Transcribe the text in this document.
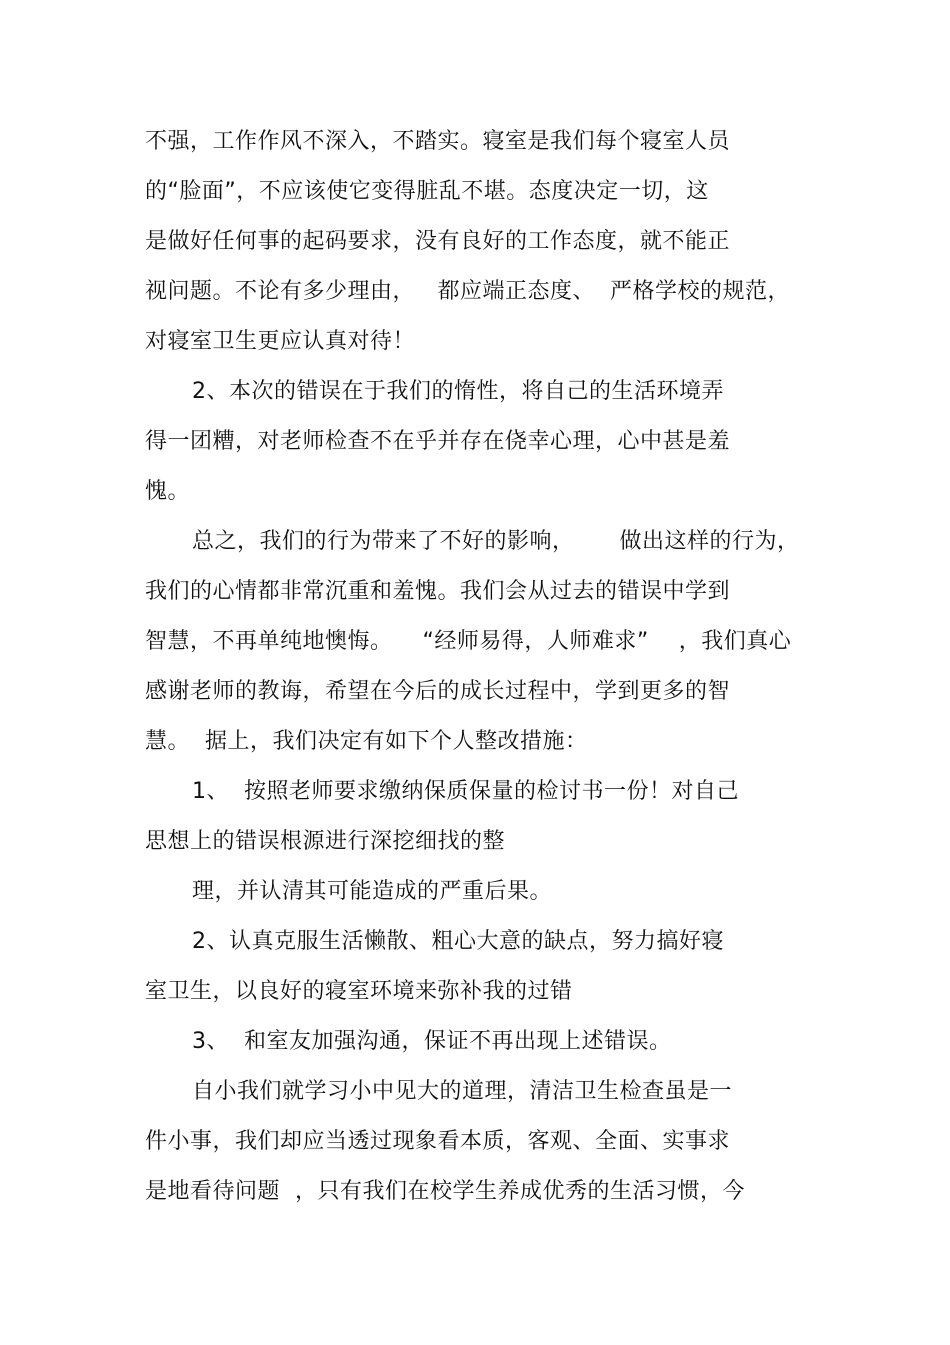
不强，工作作风不深入，不踏实。寝室是我们每个寝室人员
的“脸面”，不应该使它变得脏乱不堪。态度决定一切，这
是做好任何事的起码要求，没有良好的工作态度，就不能正
视问题。不论有多少理由，   都应端正态度、  严格学校的规范，
对寝室卫生更应认真对待！
2、本次的错误在于我们的惰性，将自己的生活环境弄
得一团糟，对老师检查不在乎并存在侥幸心理，心中甚是羞
愧。
总之，我们的行为带来了不好的影响，      做出这样的行为，
我们的心情都非常沉重和羞愧。我们会从过去的错误中学到
智慧，不再单纯地懊悔。    “经师易得，人师难求”    ，我们真心
感谢老师的教诲，希望在今后的成长过程中，学到更多的智
慧。  据上，我们决定有如下个人整改措施：
1、  按照老师要求缴纳保质保量的检讨书一份！对自己
思想上的错误根源进行深挖细找的整
理，并认清其可能造成的严重后果。
2、认真克服生活懒散、粗心大意的缺点，努力搞好寝
室卫生，以良好的寝室环境来弥补我的过错
3、  和室友加强沟通，保证不再出现上述错误。
自小我们就学习小中见大的道理，清洁卫生检查虽是一
件小事，我们却应当透过现象看本质，客观、全面、实事求
是地看待问题  ，只有我们在校学生养成优秀的生活习惯，今
